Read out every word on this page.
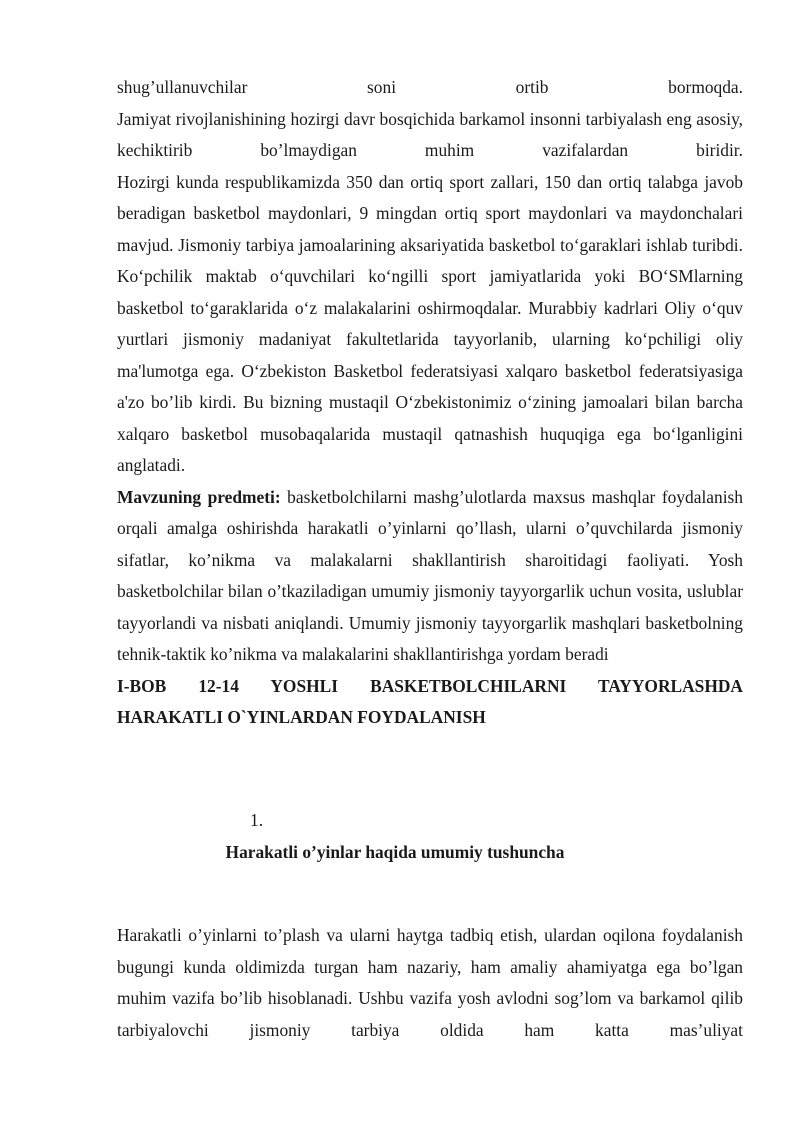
shug’ullanuvchilar soni ortib bormoqda.

Jamiyat rivojlanishining hozirgi davr bosqichida barkamol insonni tarbiyalash eng asosiy, kechiktirib bo’lmaydigan muhim vazifalardan biridir.

Hozirgi kunda respublikamizda 350 dan ortiq sport zallari, 150 dan ortiq talabga javob beradigan basketbol maydonlari, 9 mingdan ortiq sport maydonlari va maydonchalari mavjud. Jismoniy tarbiya jamoalarining aksariyatida basketbol to‘garaklari ishlab turibdi. Ko‘pchilik maktab o‘quvchilari ko‘ngilli sport jamiyatlarida yoki BO‘SMlarning basketbol to‘garaklarida o‘z malakalarini oshirmoqdalar. Murabbiy kadrlari Oliy o‘quv yurtlari jismoniy madaniyat fakultetlarida tayyorlanib, ularning ko‘pchiligi oliy ma'lumotga ega. O‘zbekiston Basketbol federatsiyasi xalqaro basketbol federatsiyasiga a'zo bo’lib kirdi. Bu bizning mustaqil O‘zbekistonimiz o‘zining jamoalari bilan barcha xalqaro basketbol musobaqalarida mustaqil qatnashish huquqiga ega bo‘lganligini anglatadi.

Mavzuning predmeti: basketbolchilarni mashg’ulotlarda maxsus mashqlar foydalanish orqali amalga oshirishda harakatli o’yinlarni qo’llash, ularni o’quvchilarda jismoniy sifatlar, ko’nikma va malakalarni shakllantirish sharoitidagi faoliyati. Yosh basketbolchilar bilan o’tkaziladigan umumiy jismoniy tayyorgarlik uchun vosita, uslublar tayyorlandi va nisbati aniqlandi. Umumiy jismoniy tayyorgarlik mashqlari basketbolning tehnik-taktik ko’nikma va malakalarini shakllantirishga yordam beradi

I-BOB 12-14 YOSHLI BASKETBOLCHILARNI TAYYORLASHDA
HARAKATLI O`YINLARDAN FOYDALANISH
1.
Harakatli o’yinlar haqida umumiy tushuncha

Harakatli o’yinlarni to’plash va ularni haytga tadbiq etish, ulardan oqilona foydalanish bugungi kunda oldimizda turgan ham nazariy, ham amaliy ahamiyatga ega bo’lgan muhim vazifa bo’lib hisoblanadi. Ushbu vazifa yosh avlodni sog’lom va barkamol qilib tarbiyalovchi jismoniy tarbiya oldida ham katta mas’uliyat
